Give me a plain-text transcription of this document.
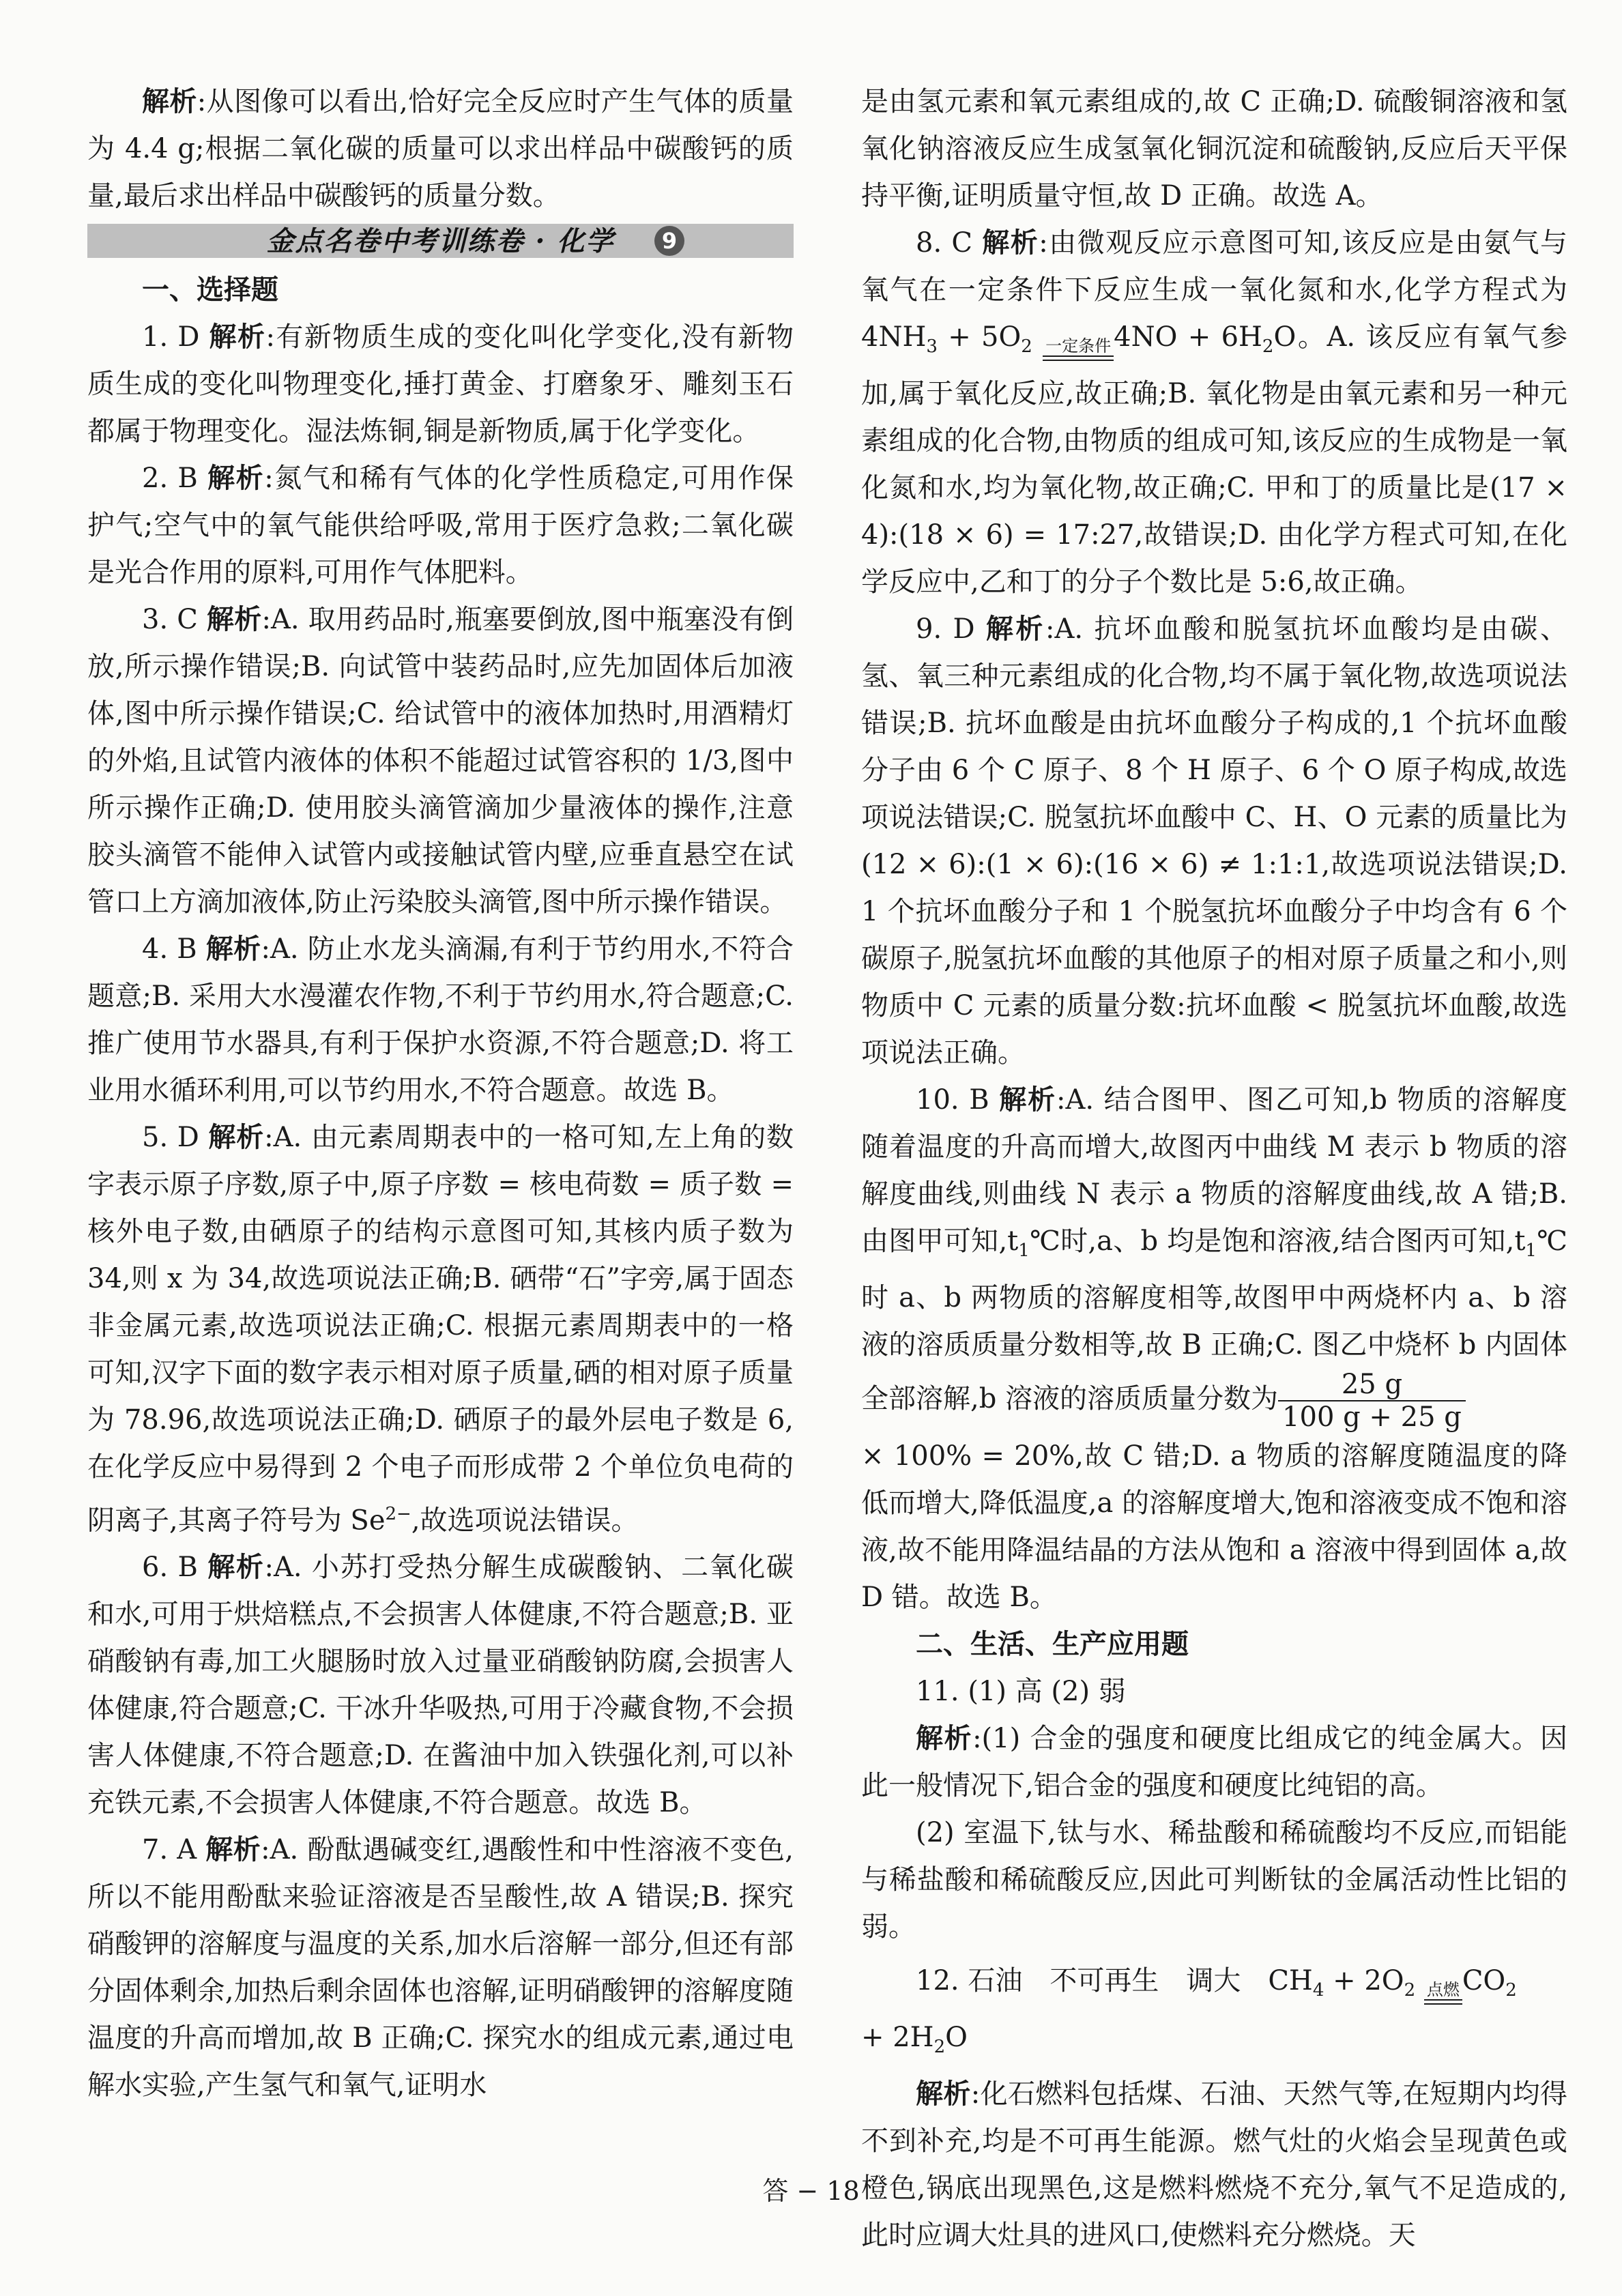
解析:从图像可以看出,恰好完全反应时产生气体的质量为 4.4 g;根据二氧化碳的质量可以求出样品中碳酸钙的质量,最后求出样品中碳酸钙的质量分数。

金点名卷中考训练卷 · 化学	9
一、选择题

1. D 解析:有新物质生成的变化叫化学变化,没有新物质生成的变化叫物理变化,捶打黄金、打磨象牙、雕刻玉石都属于物理变化。湿法炼铜,铜是新物质,属于化学变化。

2. B 解析:氮气和稀有气体的化学性质稳定,可用作保护气;空气中的氧气能供给呼吸,常用于医疗急救;二氧化碳是光合作用的原料,可用作气体肥料。

3. C 解析:A. 取用药品时,瓶塞要倒放,图中瓶塞没有倒放,所示操作错误;B. 向试管中装药品时,应先加固体后加液体,图中所示操作错误;C. 给试管中的液体加热时,用酒精灯的外焰,且试管内液体的体积不能超过试管容积的 1/3,图中所示操作正确;D. 使用胶头滴管滴加少量液体的操作,注意胶头滴管不能伸入试管内或接触试管内壁,应垂直悬空在试管口上方滴加液体,防止污染胶头滴管,图中所示操作错误。

4. B 解析:A. 防止水龙头滴漏,有利于节约用水,不符合题意;B. 采用大水漫灌农作物,不利于节约用水,符合题意;C. 推广使用节水器具,有利于保护水资源,不符合题意;D. 将工业用水循环利用,可以节约用水,不符合题意。故选 B。

5. D 解析:A. 由元素周期表中的一格可知,左上角的数字表示原子序数,原子中,原子序数 = 核电荷数 = 质子数 = 核外电子数,由硒原子的结构示意图可知,其核内质子数为 34,则 x 为 34,故选项说法正确;B. 硒带“石”字旁,属于固态非金属元素,故选项说法正确;C. 根据元素周期表中的一格可知,汉字下面的数字表示相对原子质量,硒的相对原子质量为 78.96,故选项说法正确;D. 硒原子的最外层电子数是 6,在化学反应中易得到 2 个电子而形成带 2 个单位负电荷的阴离子,其离子符号为 $Se^{2-}$,故选项说法错误。

6. B 解析:A. 小苏打受热分解生成碳酸钠、二氧化碳和水,可用于烘焙糕点,不会损害人体健康,不符合题意;B. 亚硝酸钠有毒,加工火腿肠时放入过量亚硝酸钠防腐,会损害人体健康,符合题意;C. 干冰升华吸热,可用于冷藏食物,不会损害人体健康,不符合题意;D. 在酱油中加入铁强化剂,可以补充铁元素,不会损害人体健康,不符合题意。故选 B。

7. A 解析:A. 酚酞遇碱变红,遇酸性和中性溶液不变色,所以不能用酚酞来验证溶液是否呈酸性,故 A 错误;B. 探究硝酸钾的溶解度与温度的关系,加水后溶解一部分,但还有部分固体剩余,加热后剩余固体也溶解,证明硝酸钾的溶解度随温度的升高而增加,故 B 正确;C. 探究水的组成元素,通过电解水实验,产生氢气和氧气,证明水

是由氢元素和氧元素组成的,故 C 正确;D. 硫酸铜溶液和氢氧化钠溶液反应生成氢氧化铜沉淀和硫酸钠,反应后天平保持平衡,证明质量守恒,故 D 正确。故选 A。

8. C 解析:由微观反应示意图可知,该反应是由氨气与氧气在一定条件下反应生成一氧化氮和水,化学方程式为 $4NH_3 + 5O_2$ 一定条件 $4NO + 6H_2O$。A. 该反应有氧气参加,属于氧化反应,故正确;B. 氧化物是由氧元素和另一种元素组成的化合物,由物质的组成可知,该反应的生成物是一氧化氮和水,均为氧化物,故正确;C. 甲和丁的质量比是(17 × 4):(18 × 6) = 17:27,故错误;D. 由化学方程式可知,在化学反应中,乙和丁的分子个数比是 5:6,故正确。

9. D 解析:A. 抗坏血酸和脱氢抗坏血酸均是由碳、氢、氧三种元素组成的化合物,均不属于氧化物,故选项说法错误;B. 抗坏血酸是由抗坏血酸分子构成的,1 个抗坏血酸分子由 6 个 C 原子、8 个 H 原子、6 个 O 原子构成,故选项说法错误;C. 脱氢抗坏血酸中 C、H、O 元素的质量比为(12 × 6):(1 × 6):(16 × 6) ≠ 1:1:1,故选项说法错误;D. 1 个抗坏血酸分子和 1 个脱氢抗坏血酸分子中均含有 6 个碳原子,脱氢抗坏血酸的其他原子的相对原子质量之和小,则物质中 C 元素的质量分数:抗坏血酸 < 脱氢抗坏血酸,故选项说法正确。

10. B 解析:A. 结合图甲、图乙可知,b 物质的溶解度随着温度的升高而增大,故图丙中曲线 M 表示 b 物质的溶解度曲线,则曲线 N 表示 a 物质的溶解度曲线,故 A 错;B. 由图甲可知$,t_1℃$时,a、b 均是饱和溶液,结合图丙可知$,t_1℃$时 a、b 两物质的溶解度相等,故图甲中两烧杯内 a、b 溶液的溶质质量分数相等,故 B 正确;C. 图乙中烧杯 b 内固体全部溶解,b 溶液的溶质质量分数为 $\frac{25 g}{100 g + 25 g}$

× 100% = 20%,故 C 错;D. a 物质的溶解度随温度的降低而增大,降低温度,a 的溶解度增大,饱和溶液变成不饱和溶液,故不能用降温结晶的方法从饱和 a 溶液中得到固体 a,故 D 错。故选 B。

二、生活、生产应用题

11. (1) 高 (2) 弱

解析:(1) 合金的强度和硬度比组成它的纯金属大。因此一般情况下,铝合金的强度和硬度比纯铝的高。

(2) 室温下,钛与水、稀盐酸和稀硫酸均不反应,而铝能与稀盐酸和稀硫酸反应,因此可判断钛的金属活动性比铝的弱。

12. 石油 不可再生 调大 $CH_4 + 2O_2$ 点燃 $CO_2$
+ $2H_2O$

解析:化石燃料包括煤、石油、天然气等,在短期内均得不到补充,均是不可再生能源。燃气灶的火焰会呈现黄色或橙色,锅底出现黑色,这是燃料燃烧不充分,氧气不足造成的,此时应调大灶具的进风口,使燃料充分燃烧。天

答 − 18
